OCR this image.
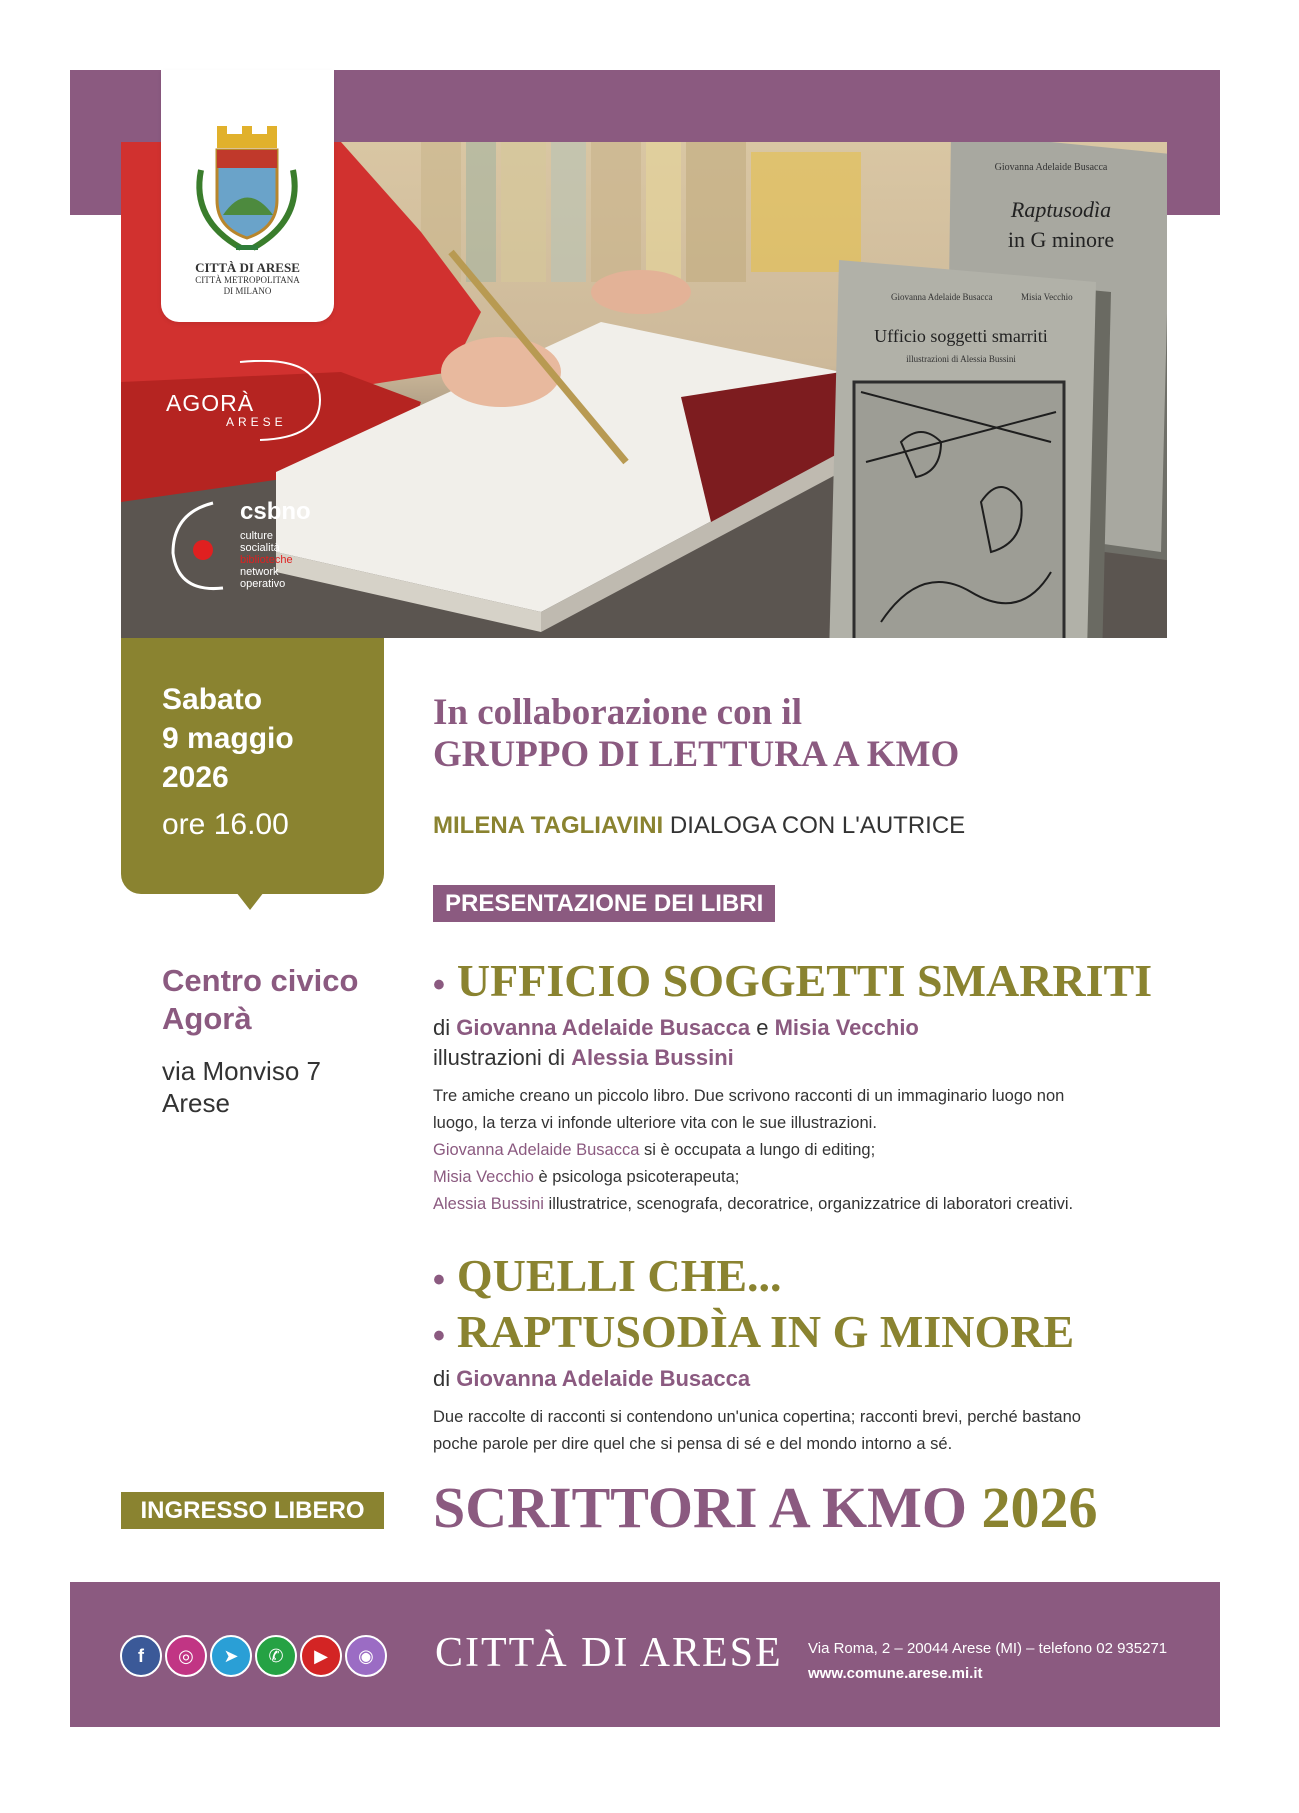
Giovanna Adelaide Busacca
Raptusodìa
in G minore
Giovanna Adelaide Busacca	Misia Vecchio
Ufficio soggetti smarriti
illustrazioni di Alessia Bussini
CITTÀ DI ARESE
CITTÀ METROPOLITANA
DI MILANO
AGORÀ
ARESE
csbno
culture
socialità
biblioteche
network
operativo
Sabato
9 maggio
2026
ore 16.00
Centro civico
Agorà
via Monviso 7
Arese
In collaborazione con il
GRUPPO DI LETTURA A KMO
MILENA TAGLIAVINI DIALOGA CON L'AUTRICE
PRESENTAZIONE DEI LIBRI
• UFFICIO SOGGETTI SMARRITI
di Giovanna Adelaide Busacca e Misia Vecchio
illustrazioni di Alessia Bussini
Tre amiche creano un piccolo libro. Due scrivono racconti di un immaginario luogo non
luogo, la terza vi infonde ulteriore vita con le sue illustrazioni.
Giovanna Adelaide Busacca si è occupata a lungo di editing;
Misia Vecchio è psicologa psicoterapeuta;
Alessia Bussini illustratrice, scenografa, decoratrice, organizzatrice di laboratori creativi.
• QUELLI CHE...
• RAPTUSODÌA IN G MINORE
di Giovanna Adelaide Busacca
Due raccolte di racconti si contendono un'unica copertina; racconti brevi, perché bastano
poche parole per dire quel che si pensa di sé e del mondo intorno a sé.
INGRESSO LIBERO	SCRITTORI A KMO 2026
f	◎	➤	✆	▶	◉ CITTÀ DI ARESE Via Roma, 2 – 20044 Arese (MI) – telefono 02 935271
www.comune.arese.mi.it
